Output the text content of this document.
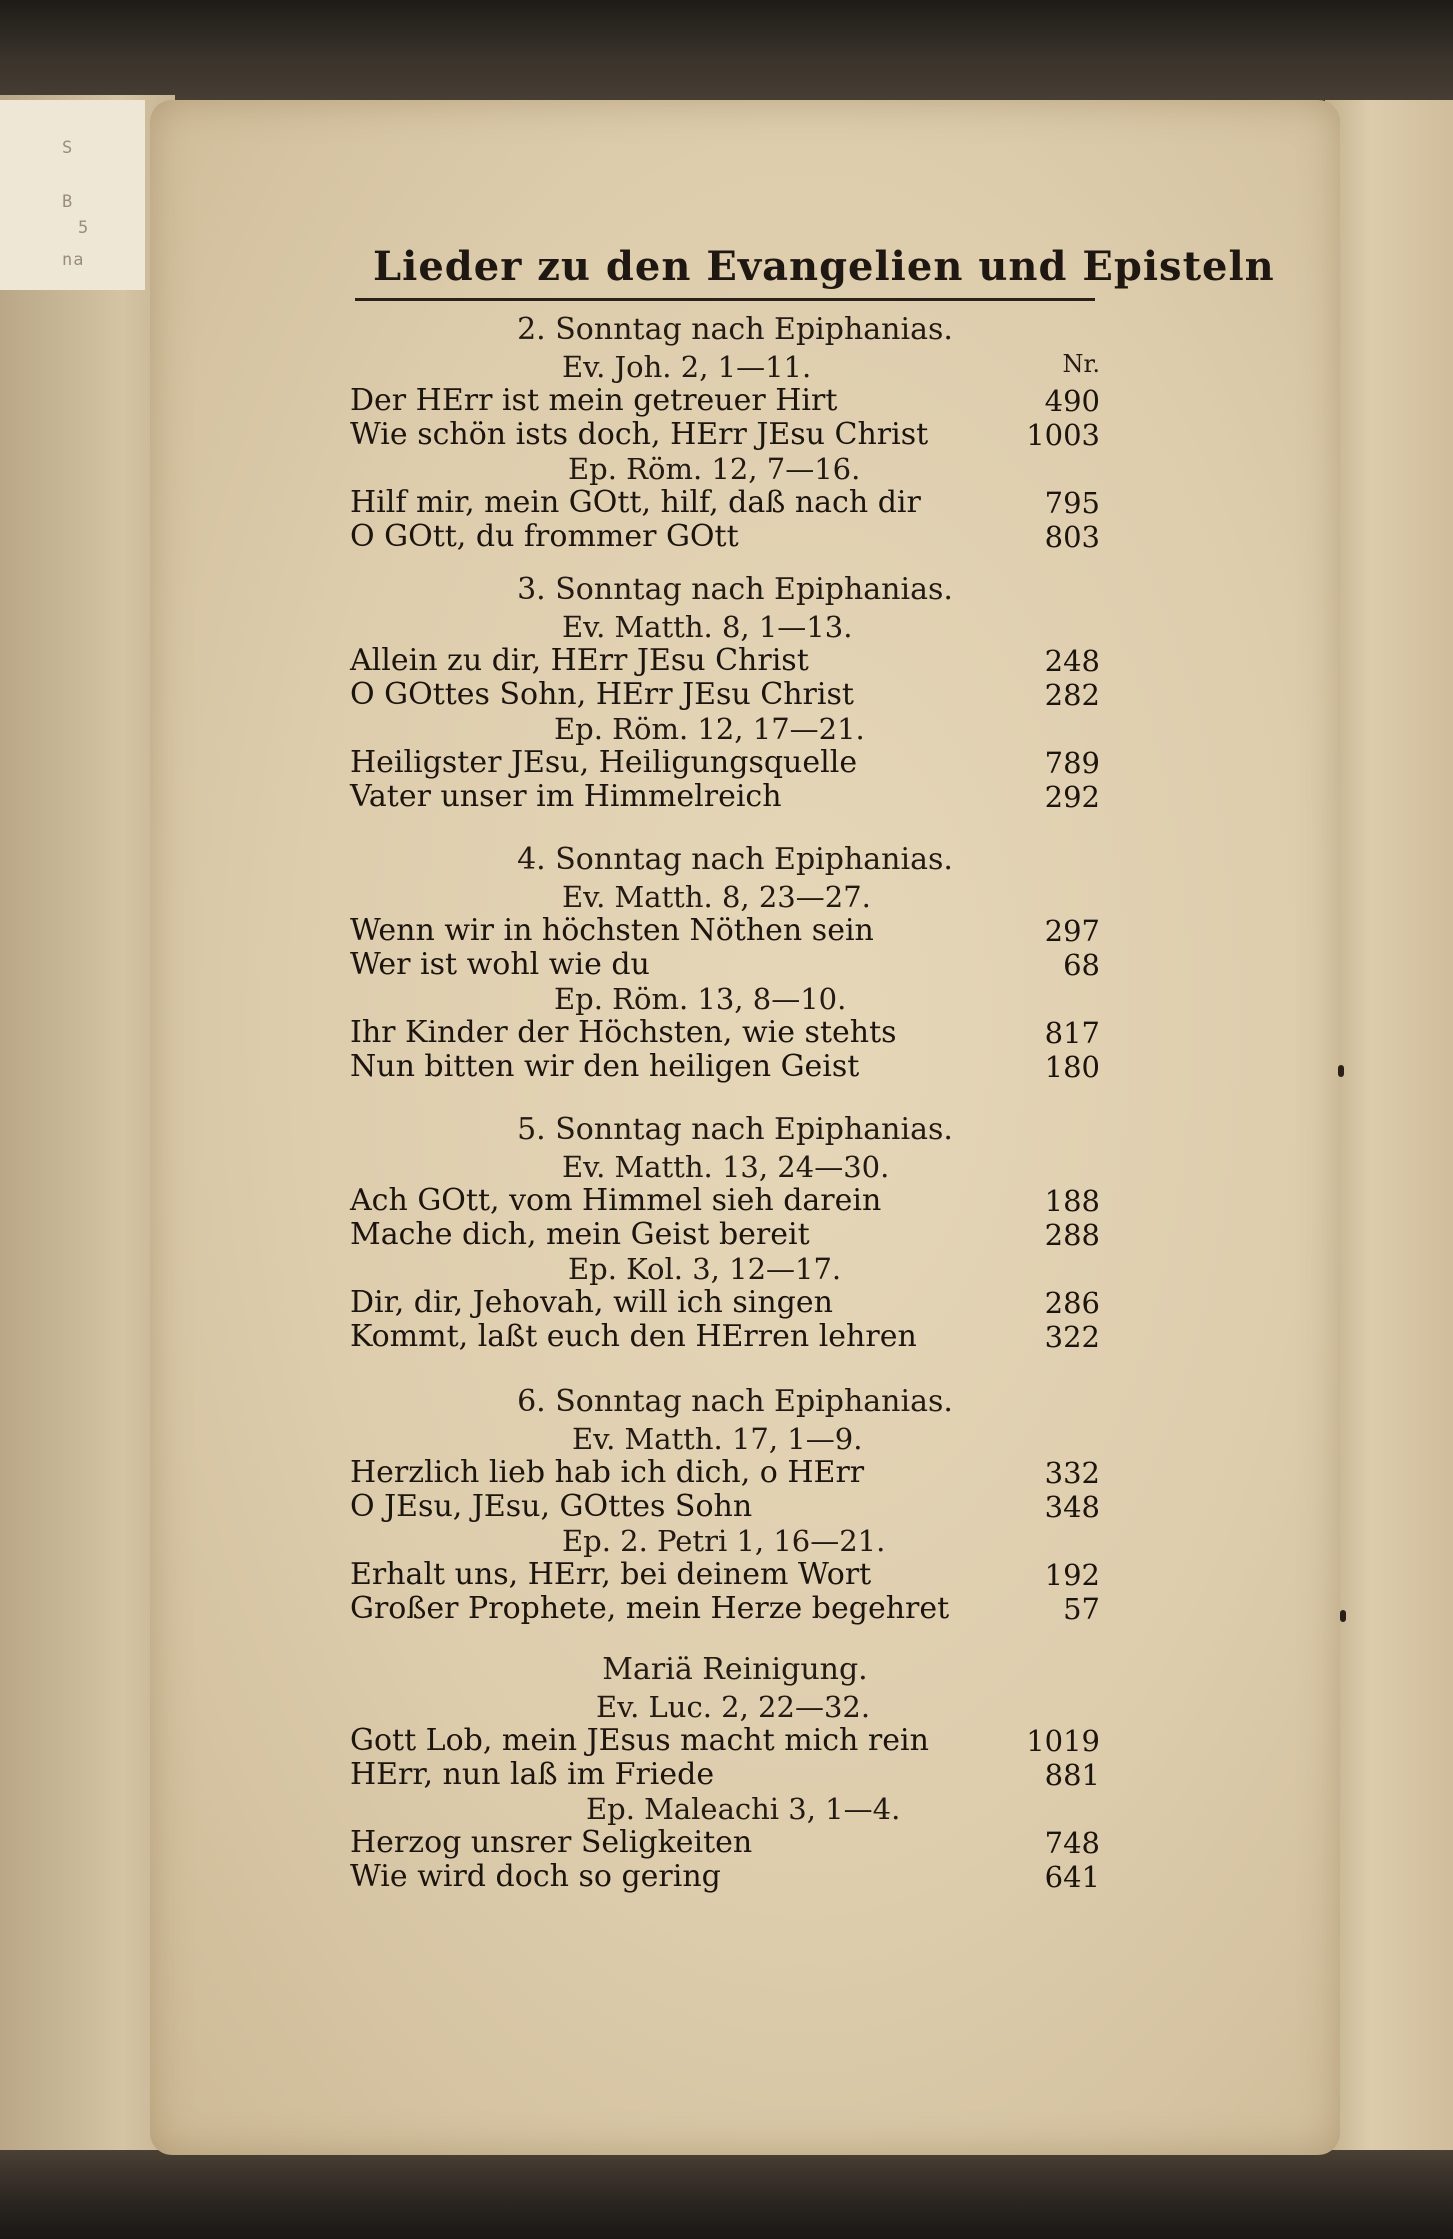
S
B
5
na	Lieder zu den Evangelien und Episteln
2. Sonntag nach Epiphanias.
Ev. Joh. 2, 1—11.	Nr.
Der HErr ist mein getreuer Hirt	490
Wie schön ists doch, HErr JEsu Christ	1003
Ep. Röm. 12, 7—16.
Hilf mir, mein GOtt, hilf, daß nach dir	795
O GOtt, du frommer GOtt	803
3. Sonntag nach Epiphanias.
Ev. Matth. 8, 1—13.
Allein zu dir, HErr JEsu Christ	248
O GOttes Sohn, HErr JEsu Christ	282
Ep. Röm. 12, 17—21.
Heiligster JEsu, Heiligungsquelle	789
Vater unser im Himmelreich	292
4. Sonntag nach Epiphanias.
Ev. Matth. 8, 23—27.
Wenn wir in höchsten Nöthen sein	297
Wer ist wohl wie du	68
Ep. Röm. 13, 8—10.
Ihr Kinder der Höchsten, wie stehts	817
Nun bitten wir den heiligen Geist	180
5. Sonntag nach Epiphanias.
Ev. Matth. 13, 24—30.
Ach GOtt, vom Himmel sieh darein	188
Mache dich, mein Geist bereit	288
Ep. Kol. 3, 12—17.
Dir, dir, Jehovah, will ich singen	286
Kommt, laßt euch den HErren lehren	322
6. Sonntag nach Epiphanias.
Ev. Matth. 17, 1—9.
Herzlich lieb hab ich dich, o HErr	332
O JEsu, JEsu, GOttes Sohn	348
Ep. 2. Petri 1, 16—21.
Erhalt uns, HErr, bei deinem Wort	192
Großer Prophete, mein Herze begehret	57
Mariä Reinigung.
Ev. Luc. 2, 22—32.
Gott Lob, mein JEsus macht mich rein	1019
HErr, nun laß im Friede	881
Ep. Maleachi 3, 1—4.
Herzog unsrer Seligkeiten	748
Wie wird doch so gering	641
